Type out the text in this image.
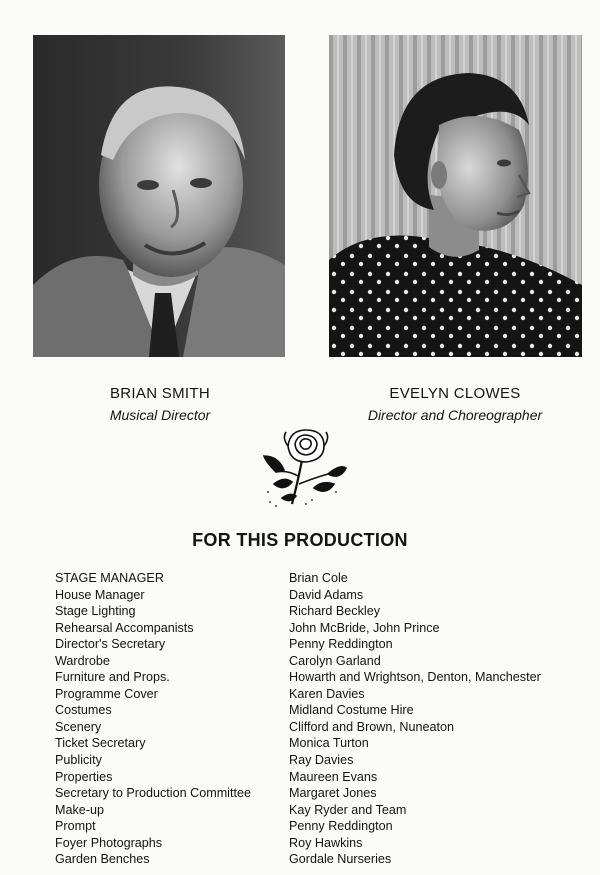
BRIAN SMITH
Musical Director
EVELYN CLOWES
Director and Choreographer
FOR THIS PRODUCTION
STAGE MANAGER
House Manager
Stage Lighting
Rehearsal Accompanists
Director's Secretary
Wardrobe
Furniture and Props.
Programme Cover
Costumes
Scenery
Ticket Secretary
Publicity
Properties
Secretary to Production Committee
Make-up
Prompt
Foyer Photographs
Garden Benches
Brian Cole
David Adams
Richard Beckley
John McBride, John Prince
Penny Reddington
Carolyn Garland
Howarth and Wrightson, Denton, Manchester
Karen Davies
Midland Costume Hire
Clifford and Brown, Nuneaton
Monica Turton
Ray Davies
Maureen Evans
Margaret Jones
Kay Ryder and Team
Penny Reddington
Roy Hawkins
Gordale Nurseries
